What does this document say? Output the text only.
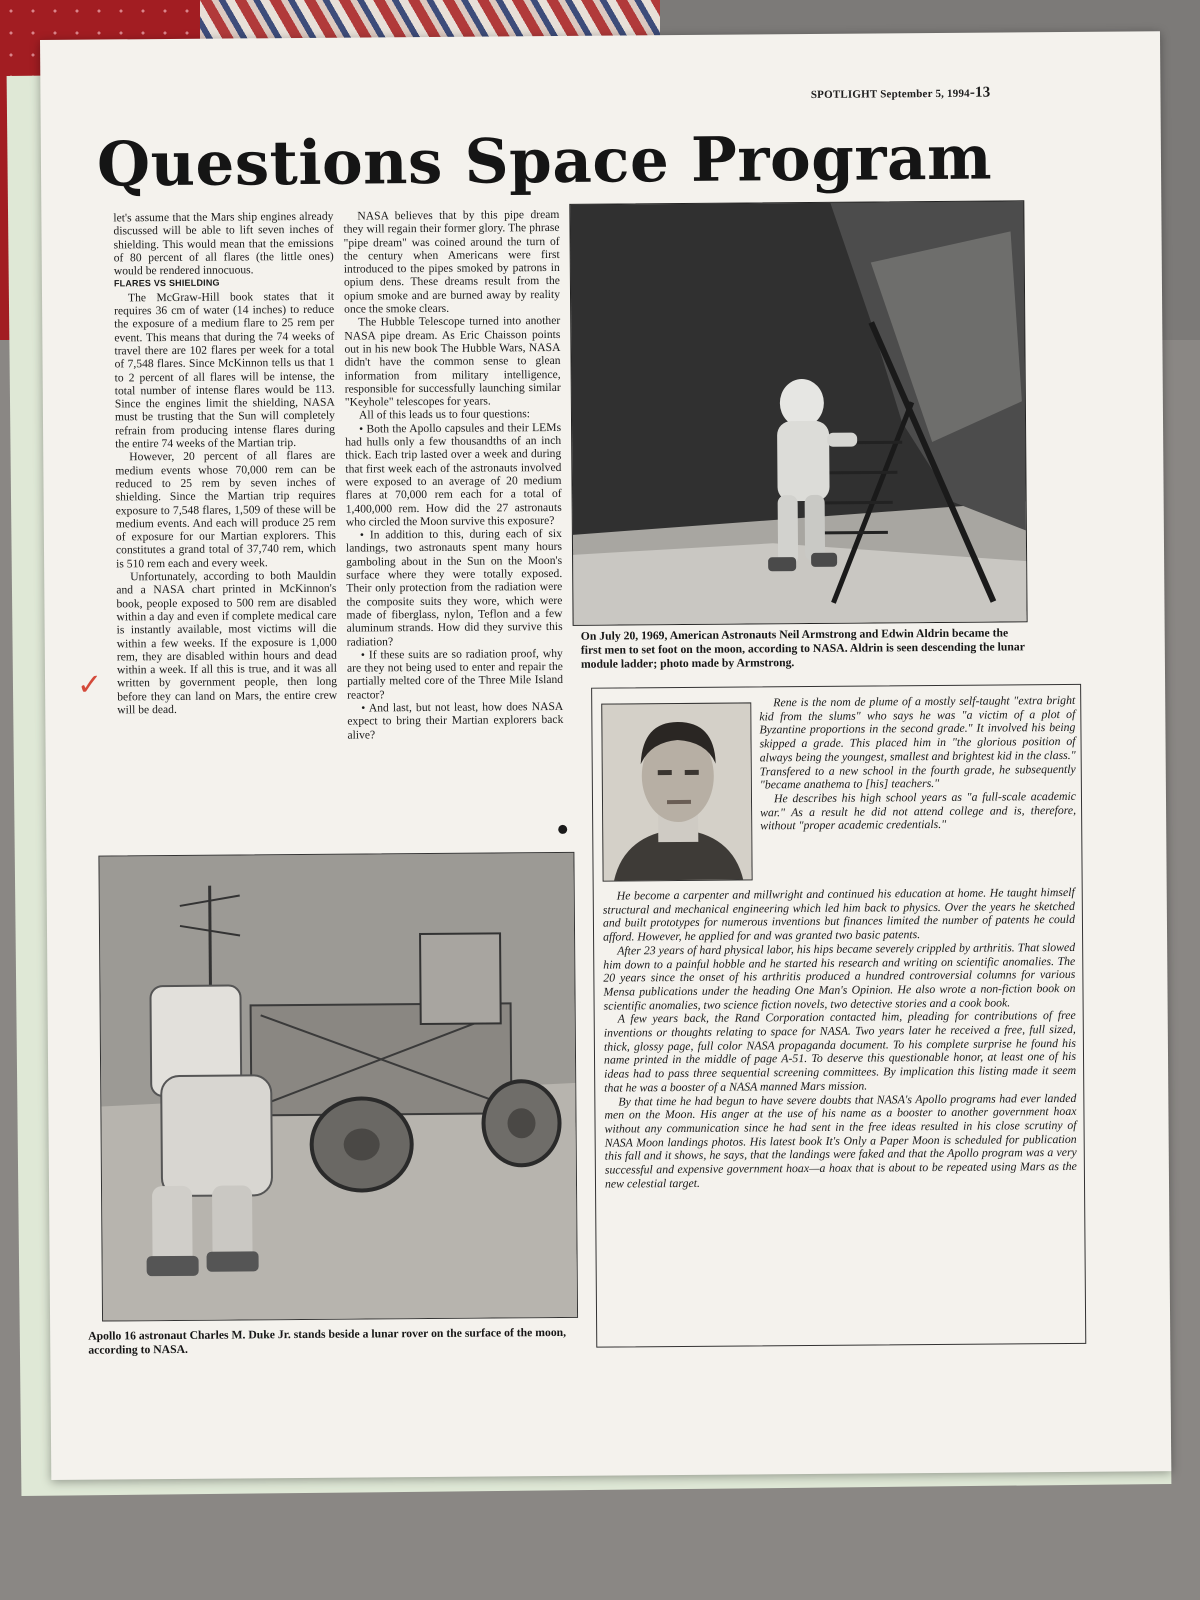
SPOTLIGHT September 5, 1994-13
Questions Space Program

let's assume that the Mars ship engines already discussed will be able to lift seven inches of shielding. This would mean that the emissions of 80 percent of all flares (the little ones) would be rendered innocuous.

FLARES VS SHIELDING

The McGraw-Hill book states that it requires 36 cm of water (14 inches) to reduce the exposure of a medium flare to 25 rem per event. This means that during the 74 weeks of travel there are 102 flares per week for a total of 7,548 flares. Since McKinnon tells us that 1 to 2 percent of all flares will be intense, the total number of intense flares would be 113. Since the engines limit the shielding, NASA must be trusting that the Sun will completely refrain from producing intense flares during the entire 74 weeks of the Martian trip.

However, 20 percent of all flares are medium events whose 70,000 rem can be reduced to 25 rem by seven inches of shielding. Since the Martian trip requires exposure to 7,548 flares, 1,509 of these will be medium events. And each will produce 25 rem of exposure for our Martian explorers. This constitutes a grand total of 37,740 rem, which is 510 rem each and every week.

Unfortunately, according to both Mauldin and a NASA chart printed in McKinnon's book, people exposed to 500 rem are disabled within a day and even if complete medical care is instantly available, most victims will die within a few weeks. If the exposure is 1,000 rem, they are disabled within hours and dead within a week. If all this is true, and it was all written by government people, then long before they can land on Mars, the entire crew will be dead.

NASA believes that by this pipe dream they will regain their former glory. The phrase "pipe dream" was coined around the turn of the century when Americans were first introduced to the pipes smoked by patrons in opium dens. These dreams result from the opium smoke and are burned away by reality once the smoke clears.

The Hubble Telescope turned into another NASA pipe dream. As Eric Chaisson points out in his new book The Hubble Wars, NASA didn't have the common sense to glean information from military intelligence, responsible for successfully launching similar "Keyhole" telescopes for years.

All of this leads us to four questions:

• Both the Apollo capsules and their LEMs had hulls only a few thousandths of an inch thick. Each trip lasted over a week and during that first week each of the astronauts involved were exposed to an average of 20 medium flares at 70,000 rem each for a total of 1,400,000 rem. How did the 27 astronauts who circled the Moon survive this exposure?

• In addition to this, during each of six landings, two astronauts spent many hours gamboling about in the Sun on the Moon's surface where they were totally exposed. Their only protection from the radiation were the composite suits they wore, which were made of fiberglass, nylon, Teflon and a few aluminum strands. How did they survive this radiation?

• If these suits are so radiation proof, why are they not being used to enter and repair the partially melted core of the Three Mile Island reactor?

• And last, but not least, how does NASA expect to bring their Martian explorers back alive?

✓
On July 20, 1969, American Astronauts Neil Armstrong and Edwin Aldrin became the first men to set foot on the moon, according to NASA. Aldrin is seen descending the lunar module ladder; photo made by Armstrong.
Apollo 16 astronaut Charles M. Duke Jr. stands beside a lunar rover on the surface of the moon, according to NASA.

Rene is the nom de plume of a mostly self-taught "extra bright kid from the slums" who says he was "a victim of a plot of Byzantine proportions in the second grade." It involved his being skipped a grade. This placed him in "the glorious position of always being the youngest, smallest and brightest kid in the class." Transfered to a new school in the fourth grade, he subsequently "became anathema to [his] teachers."

He describes his high school years as "a full-scale academic war." As a result he did not attend college and is, therefore, without "proper academic credentials."

He become a carpenter and millwright and continued his education at home. He taught himself structural and mechanical engineering which led him back to physics. Over the years he sketched and built prototypes for numerous inventions but finances limited the number of patents he could afford. However, he applied for and was granted two basic patents.

After 23 years of hard physical labor, his hips became severely crippled by arthritis. That slowed him down to a painful hobble and he started his research and writing on scientific anomalies. The 20 years since the onset of his arthritis produced a hundred controversial columns for various Mensa publications under the heading One Man's Opinion. He also wrote a non-fiction book on scientific anomalies, two science fiction novels, two detective stories and a cook book.

A few years back, the Rand Corporation contacted him, pleading for contributions of free inventions or thoughts relating to space for NASA. Two years later he received a free, full sized, thick, glossy page, full color NASA propaganda document. To his complete surprise he found his name printed in the middle of page A-51. To deserve this questionable honor, at least one of his ideas had to pass three sequential screening committees. By implication this listing made it seem that he was a booster of a NASA manned Mars mission.

By that time he had begun to have severe doubts that NASA's Apollo programs had ever landed men on the Moon. His anger at the use of his name as a booster to another government hoax without any communication since he had sent in the free ideas resulted in his close scrutiny of NASA Moon landings photos. His latest book It's Only a Paper Moon is scheduled for publication this fall and it shows, he says, that the landings were faked and that the Apollo program was a very successful and expensive government hoax—a hoax that is about to be repeated using Mars as the new celestial target.
